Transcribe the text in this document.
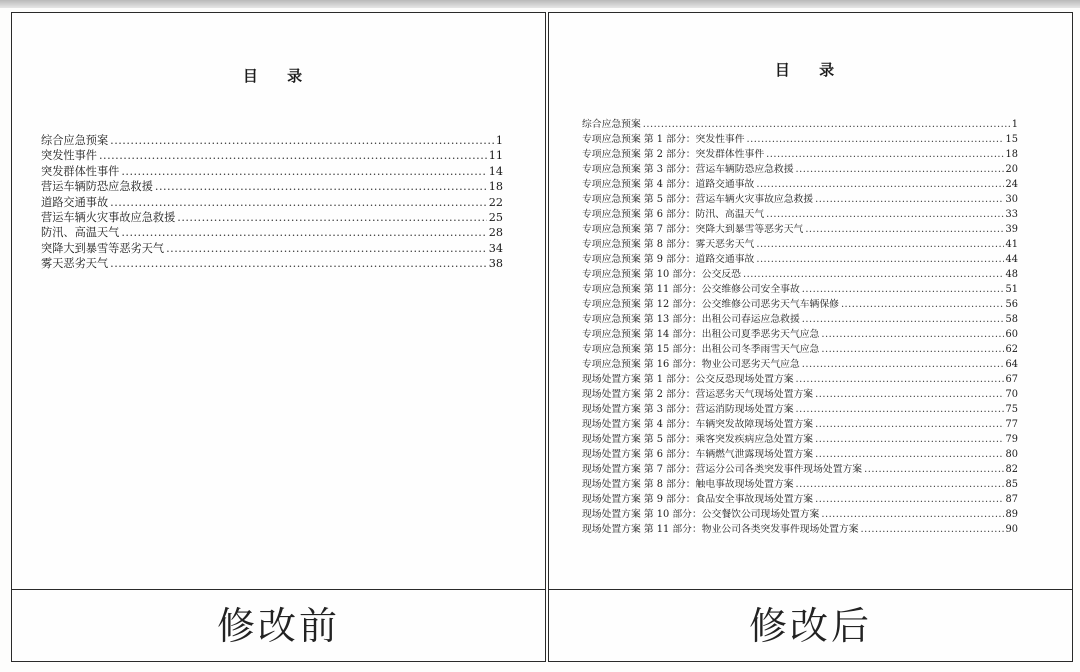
目 录
综合应急预案 .....	1
突发性事件 .....	11
突发群体性事件 .....	14
营运车辆防恐应急救援 .....	18
道路交通事故 .....	22
营运车辆火灾事故应急救援 .....	25
防汛、高温天气 .....	28
突降大到暴雪等恶劣天气 .....	34
雾天恶劣天气 .....	38
修改前
目 录
综合应急预案 .....	1
专项应急预案 第 1 部分：突发性事件 .....	15
专项应急预案 第 2 部分：突发群体性事件 .....	18
专项应急预案 第 3 部分：营运车辆防恐应急救援 .....	20
专项应急预案 第 4 部分：道路交通事故 .....	24
专项应急预案 第 5 部分：营运车辆火灾事故应急救援 .....	30
专项应急预案 第 6 部分：防汛、高温天气 .....	33
专项应急预案 第 7 部分：突降大到暴雪等恶劣天气 .....	39
专项应急预案 第 8 部分：雾天恶劣天气 .....	41
专项应急预案 第 9 部分：道路交通事故 .....	44
专项应急预案 第 10 部分：公交反恐 .....	48
专项应急预案 第 11 部分：公交维修公司安全事故 .....	51
专项应急预案 第 12 部分：公交维修公司恶劣天气车辆保修 .....	56
专项应急预案 第 13 部分：出租公司春运应急救援 .....	58
专项应急预案 第 14 部分：出租公司夏季恶劣天气应急 .....	60
专项应急预案 第 15 部分：出租公司冬季雨雪天气应急 .....	62
专项应急预案 第 16 部分：物业公司恶劣天气应急 .....	64
现场处置方案 第 1 部分：公交反恐现场处置方案 .....	67
现场处置方案 第 2 部分：营运恶劣天气现场处置方案 .....	70
现场处置方案 第 3 部分：营运消防现场处置方案 .....	75
现场处置方案 第 4 部分：车辆突发故障现场处置方案 .....	77
现场处置方案 第 5 部分：乘客突发疾病应急处置方案 .....	79
现场处置方案 第 6 部分：车辆燃气泄露现场处置方案 .....	80
现场处置方案 第 7 部分：营运分公司各类突发事件现场处置方案 .....	82
现场处置方案 第 8 部分：触电事故现场处置方案 .....	85
现场处置方案 第 9 部分：食品安全事故现场处置方案 .....	87
现场处置方案 第 10 部分：公交餐饮公司现场处置方案 .....	89
现场处置方案 第 11 部分：物业公司各类突发事件现场处置方案 .....	90
修改后
